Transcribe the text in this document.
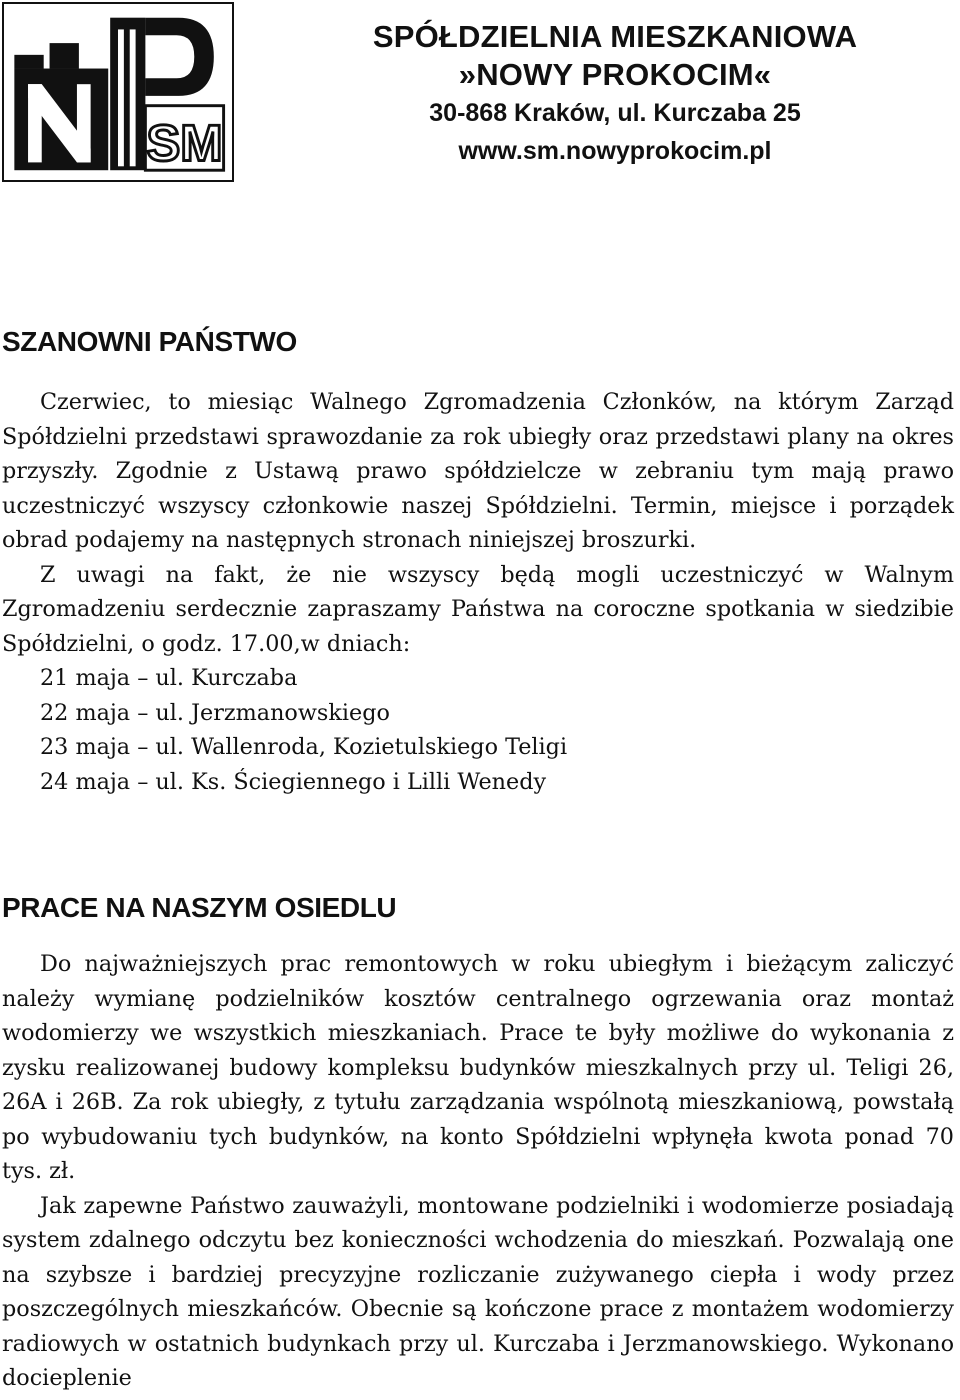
SM
SPÓŁDZIELNIA MIESZKANIOWA
»NOWY PROKOCIM«
30-868 Kraków, ul. Kurczaba 25
www.sm.nowyprokocim.pl
SZANOWNI PAŃSTWO

Czerwiec, to miesiąc Walnego Zgromadzenia Członków, na którym Zarząd Spółdzielni przedstawi sprawozdanie za rok ubiegły oraz przedstawi plany na okres przyszły. Zgodnie z Ustawą prawo spółdzielcze w zebraniu tym mają prawo uczestniczyć wszyscy członkowie naszej Spółdzielni. Termin, miejsce i porządek obrad podajemy na następnych stronach niniejszej broszurki.

Z uwagi na fakt, że nie wszyscy będą mogli uczestniczyć w Walnym Zgromadzeniu serdecznie zapraszamy Państwa na coroczne spotkania w siedzibie Spółdzielni, o godz. 17.00,w dniach:

21 maja – ul. Kurczaba
22 maja – ul. Jerzmanowskiego
23 maja – ul. Wallenroda, Kozietulskiego Teligi
24 maja – ul. Ks. Ściegiennego i Lilli Wenedy
PRACE NA NASZYM OSIEDLU

Do najważniejszych prac remontowych w roku ubiegłym i bieżącym zaliczyć należy wymianę podzielników kosztów centralnego ogrzewania oraz montaż wodomierzy we wszystkich mieszkaniach. Prace te były możliwe do wykonania z zysku realizowanej budowy kompleksu budynków mieszkalnych przy ul. Teligi 26, 26A i 26B. Za rok ubiegły, z tytułu zarządzania wspólnotą mieszkaniową, powstałą po wybudowaniu tych budynków, na konto Spółdzielni wpłynęła kwota ponad 70 tys. zł.

Jak zapewne Państwo zauważyli, montowane podzielniki i wodomierze posiadają system zdalnego odczytu bez konieczności wchodzenia do mieszkań. Pozwalają one na szybsze i bardziej precyzyjne rozliczanie zużywanego ciepła i wody przez poszczególnych mieszkańców. Obecnie są kończone prace z montażem wodomierzy radiowych w ostatnich budynkach przy ul. Kurczaba i Jerzmanowskiego. Wykonano docieplenie
